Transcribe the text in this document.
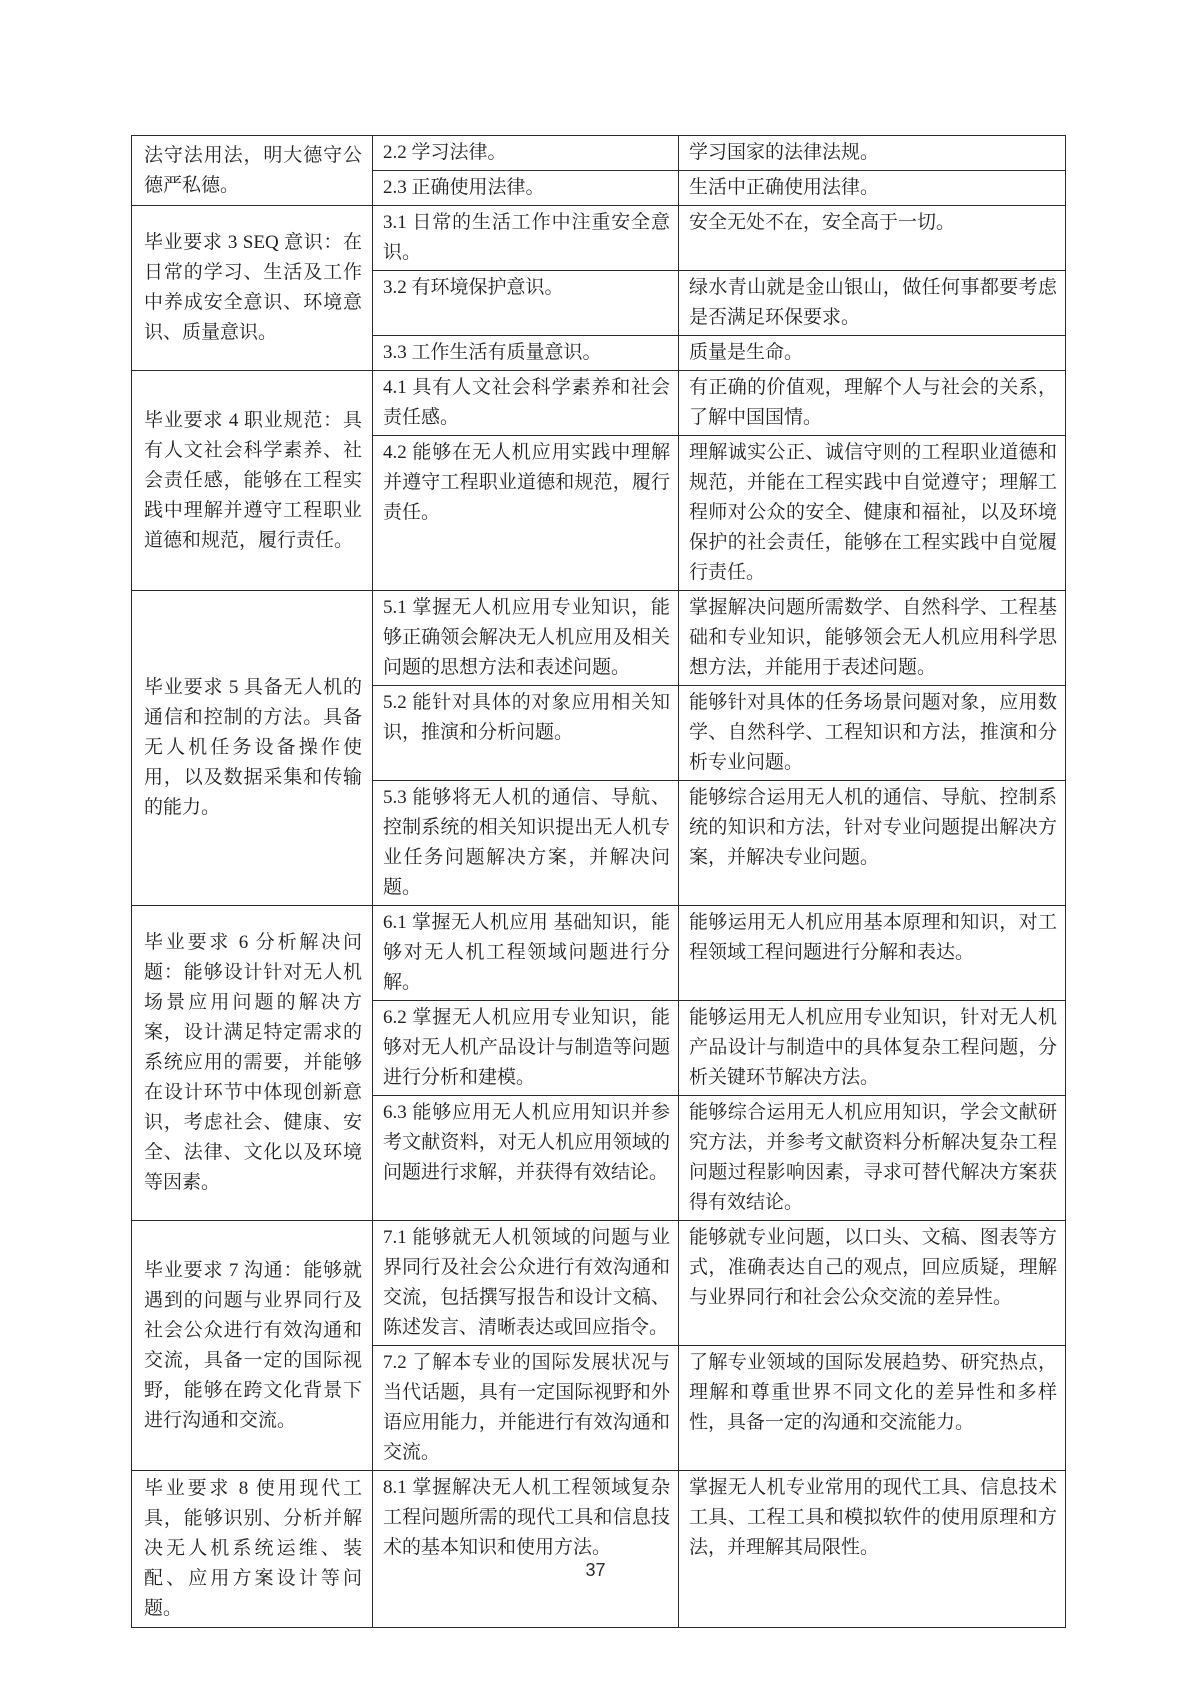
法守法用法，明大德守公德严私德。	2.2 学习法律。	学习国家的法律法规。
	2.3 正确使用法律。	生活中正确使用法律。
毕业要求 3 SEQ 意识：在日常的学习、生活及工作中养成安全意识、环境意识、质量意识。	3.1 日常的生活工作中注重安全意识。	安全无处不在，安全高于一切。
	3.2 有环境保护意识。	绿水青山就是金山银山，做任何事都要考虑是否满足环保要求。
	3.3 工作生活有质量意识。	质量是生命。
毕业要求 4 职业规范：具有人文社会科学素养、社会责任感，能够在工程实践中理解并遵守工程职业道德和规范，履行责任。	4.1 具有人文社会科学素养和社会责任感。	有正确的价值观，理解个人与社会的关系，了解中国国情。
	4.2 能够在无人机应用实践中理解并遵守工程职业道德和规范，履行责任。	理解诚实公正、诚信守则的工程职业道德和规范，并能在工程实践中自觉遵守；理解工程师对公众的安全、健康和福祉，以及环境保护的社会责任，能够在工程实践中自觉履行责任。
毕业要求 5 具备无人机的通信和控制的方法。具备无人机任务设备操作使用，以及数据采集和传输的能力。	5.1 掌握无人机应用专业知识，能够正确领会解决无人机应用及相关问题的思想方法和表述问题。	掌握解决问题所需数学、自然科学、工程基础和专业知识，能够领会无人机应用科学思想方法，并能用于表述问题。
	5.2 能针对具体的对象应用相关知识，推演和分析问题。	能够针对具体的任务场景问题对象，应用数学、自然科学、工程知识和方法，推演和分析专业问题。
	5.3 能够将无人机的通信、导航、控制系统的相关知识提出无人机专业任务问题解决方案，并解决问题。	能够综合运用无人机的通信、导航、控制系统的知识和方法，针对专业问题提出解决方案，并解决专业问题。
毕业要求 6 分析解决问题：能够设计针对无人机场景应用问题的解决方案，设计满足特定需求的系统应用的需要，并能够在设计环节中体现创新意识，考虑社会、健康、安全、法律、文化以及环境等因素。	6.1 掌握无人机应用 基础知识，能够对无人机工程领域问题进行分解。	能够运用无人机应用基本原理和知识，对工程领域工程问题进行分解和表达。
	6.2 掌握无人机应用专业知识，能够对无人机产品设计与制造等问题进行分析和建模。	能够运用无人机应用专业知识，针对无人机产品设计与制造中的具体复杂工程问题，分析关键环节解决方法。
	6.3 能够应用无人机应用知识并参考文献资料，对无人机应用领域的问题进行求解，并获得有效结论。	能够综合运用无人机应用知识，学会文献研究方法，并参考文献资料分析解决复杂工程问题过程影响因素，寻求可替代解决方案获得有效结论。
毕业要求 7 沟通：能够就遇到的问题与业界同行及社会公众进行有效沟通和交流，具备一定的国际视野，能够在跨文化背景下进行沟通和交流。	7.1 能够就无人机领域的问题与业界同行及社会公众进行有效沟通和交流，包括撰写报告和设计文稿、陈述发言、清晰表达或回应指令。	能够就专业问题，以口头、文稿、图表等方式，准确表达自己的观点，回应质疑，理解与业界同行和社会公众交流的差异性。
	7.2 了解本专业的国际发展状况与当代话题，具有一定国际视野和外语应用能力，并能进行有效沟通和交流。	了解专业领域的国际发展趋势、研究热点，理解和尊重世界不同文化的差异性和多样性，具备一定的沟通和交流能力。
毕业要求 8 使用现代工具，能够识别、分析并解决无人机系统运维、装配、应用方案设计等问题。	8.1 掌握解决无人机工程领域复杂工程问题所需的现代工具和信息技术的基本知识和使用方法。	掌握无人机专业常用的现代工具、信息技术工具、工程工具和模拟软件的使用原理和方法，并理解其局限性。
37
